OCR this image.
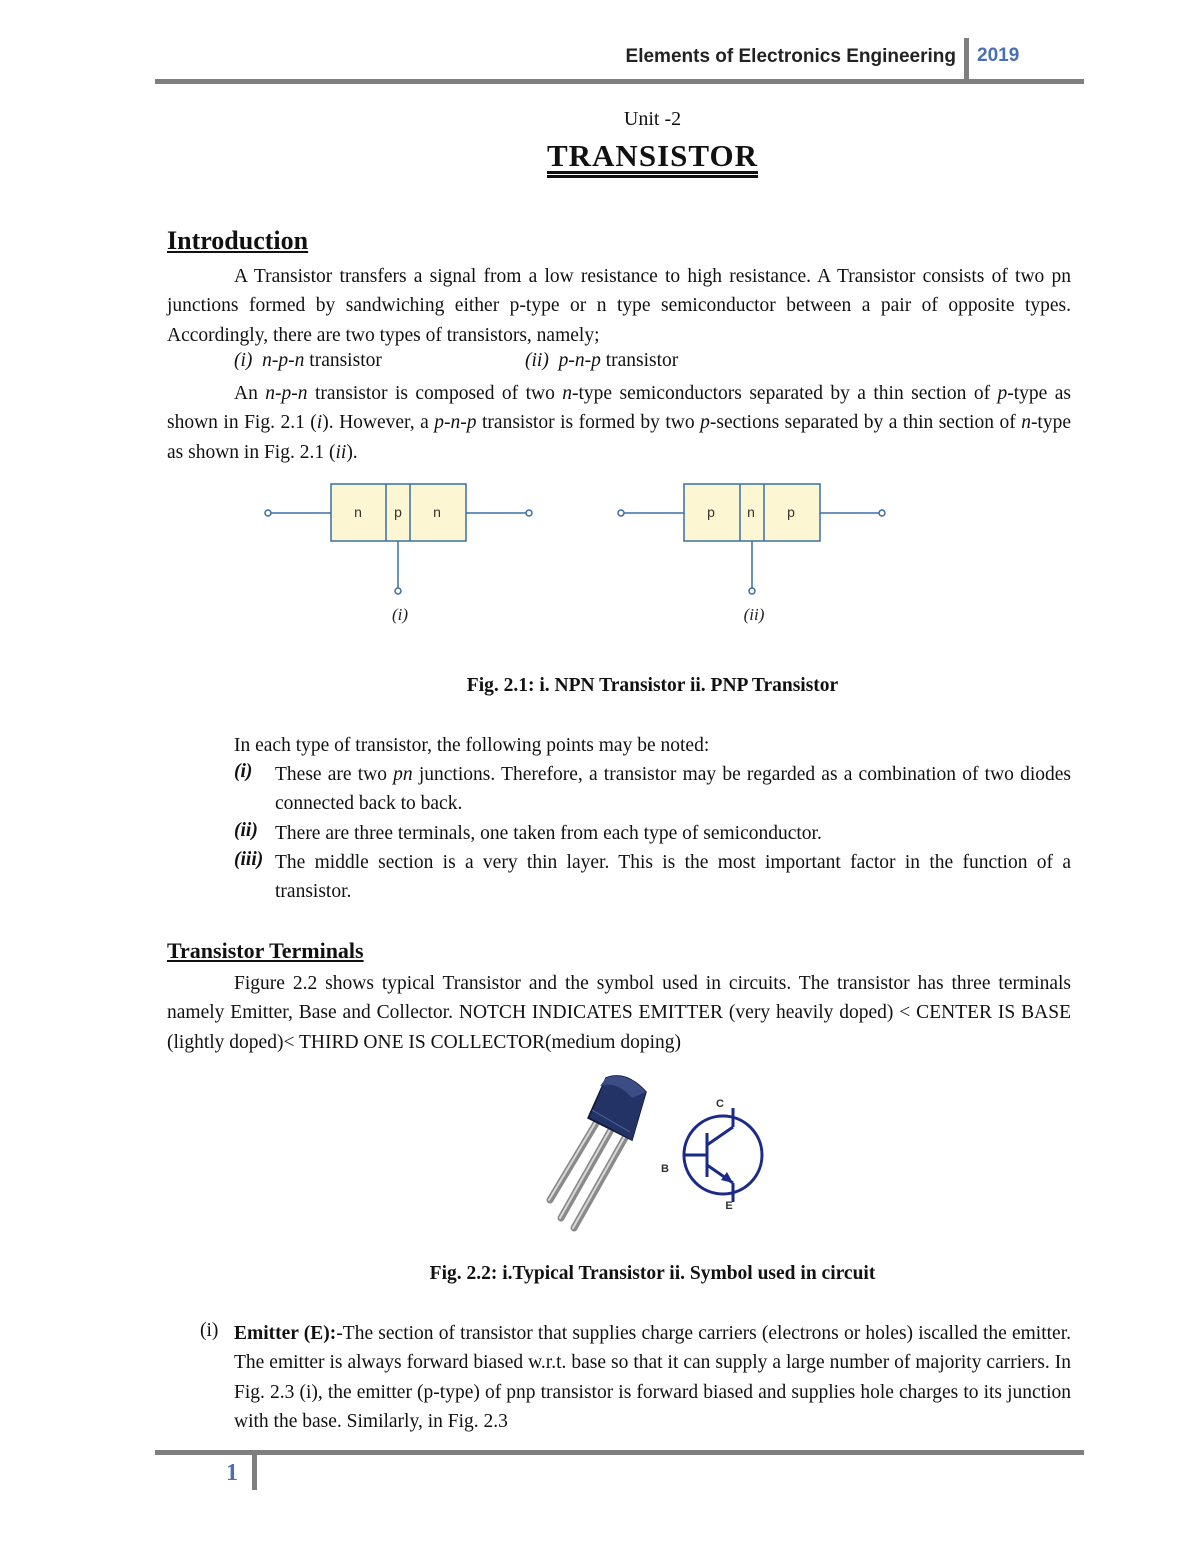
Elements of Electronics Engineering 2019
Unit -2
TRANSISTOR
Introduction

A Transistor transfers a signal from a low resistance to high resistance. A Transistor consists of two pn junctions formed by sandwiching either p-type or n type semiconductor between a pair of opposite types. Accordingly, there are two types of transistors, namely;

(i) n-p-n transistor	(ii) p-n-p transistor

An n-p-n transistor is composed of two n-type semiconductors separated by a thin section of p-type as shown in Fig. 2.1 (i). However, a p-n-p transistor is formed by two p-sections separated by a thin section of n-type as shown in Fig. 2.1 (ii).

n p n
(i)
p n p
(ii)
Fig. 2.1: i. NPN Transistor ii. PNP Transistor
In each type of transistor, the following points may be noted:
(i) These are two pn junctions. Therefore, a transistor may be regarded as a combination of two diodes connected back to back.

(ii) There are three terminals, one taken from each type of semiconductor.

(iii) The middle section is a very thin layer. This is the most important factor in the function of a transistor.

Transistor Terminals

Figure 2.2 shows typical Transistor and the symbol used in circuits. The transistor has three terminals namely Emitter, Base and Collector. NOTCH INDICATES EMITTER (very heavily doped) < CENTER IS BASE (lightly doped)< THIRD ONE IS COLLECTOR(medium doping)

C
B
E
Fig. 2.2: i.Typical Transistor ii. Symbol used in circuit
(i) Emitter (E):-The section of transistor that supplies charge carriers (electrons or holes) iscalled the emitter. The emitter is always forward biased w.r.t. base so that it can supply a large number of majority carriers. In Fig. 2.3 (i), the emitter (p-type) of pnp transistor is forward biased and supplies hole charges to its junction with the base. Similarly, in Fig. 2.3

1
